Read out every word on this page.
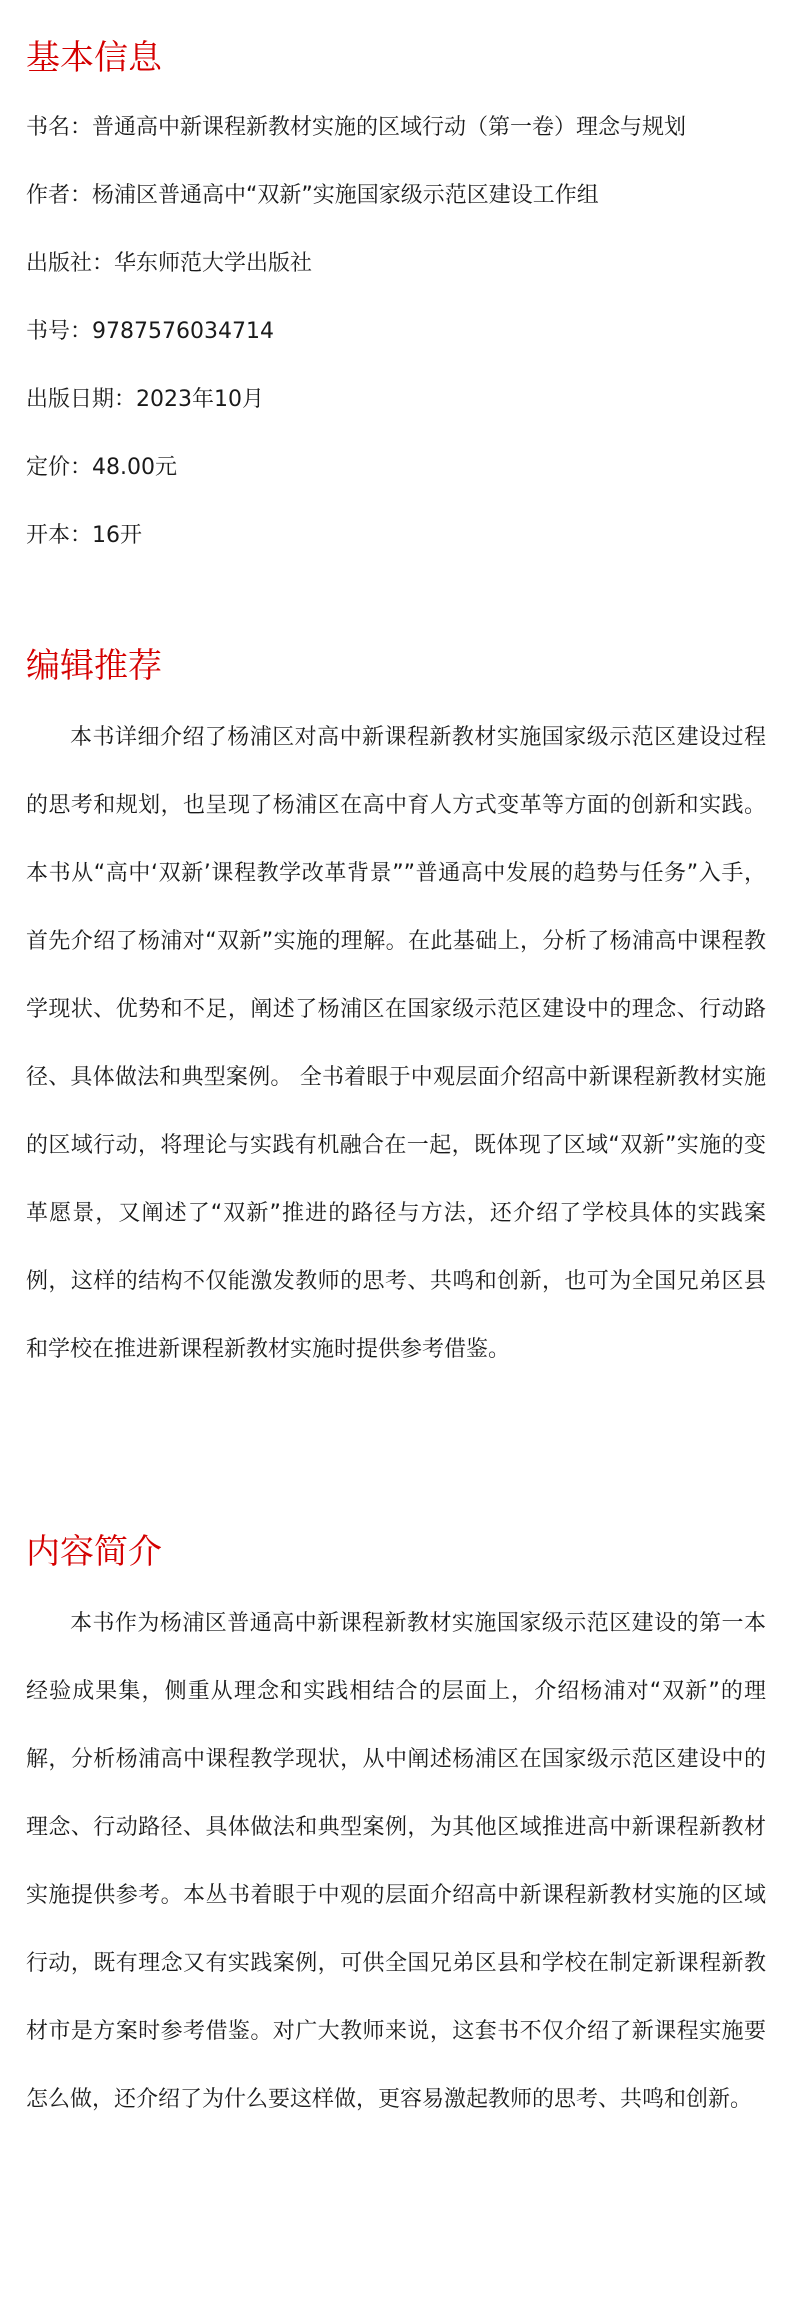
基本信息

书名：普通高中新课程新教材实施的区域行动（第一卷）理念与规划

作者：杨浦区普通高中“双新”实施国家级示范区建设工作组

出版社：华东师范大学出版社

书号：9787576034714

出版日期：2023年10月

定价：48.00元

开本：16开

编辑推荐

本书详细介绍了杨浦区对高中新课程新教材实施国家级示范区建设过程的思考和规划，也呈现了杨浦区在高中育人方式变革等方面的创新和实践。 本书从“高中‘双新’课程教学改革背景””普通高中发展的趋势与任务”入手，首先介绍了杨浦对“双新”实施的理解。在此基础上，分析了杨浦高中课程教学现状、优势和不足，阐述了杨浦区在国家级示范区建设中的理念、行动路径、具体做法和典型案例。 全书着眼于中观层面介绍高中新课程新教材实施的区域行动，将理论与实践有机融合在一起，既体现了区域“双新”实施的变革愿景，又阐述了“双新”推进的路径与方法，还介绍了学校具体的实践案例，这样的结构不仅能激发教师的思考、共鸣和创新，也可为全国兄弟区县和学校在推进新课程新教材实施时提供参考借鉴。

内容简介

本书作为杨浦区普通高中新课程新教材实施国家级示范区建设的第一本经验成果集，侧重从理念和实践相结合的层面上，介绍杨浦对“双新”的理解，分析杨浦高中课程教学现状，从中阐述杨浦区在国家级示范区建设中的理念、行动路径、具体做法和典型案例，为其他区域推进高中新课程新教材实施提供参考。本丛书着眼于中观的层面介绍高中新课程新教材实施的区域行动，既有理念又有实践案例，可供全国兄弟区县和学校在制定新课程新教材市是方案时参考借鉴。对广大教师来说，这套书不仅介绍了新课程实施要怎么做，还介绍了为什么要这样做，更容易激起教师的思考、共鸣和创新。
